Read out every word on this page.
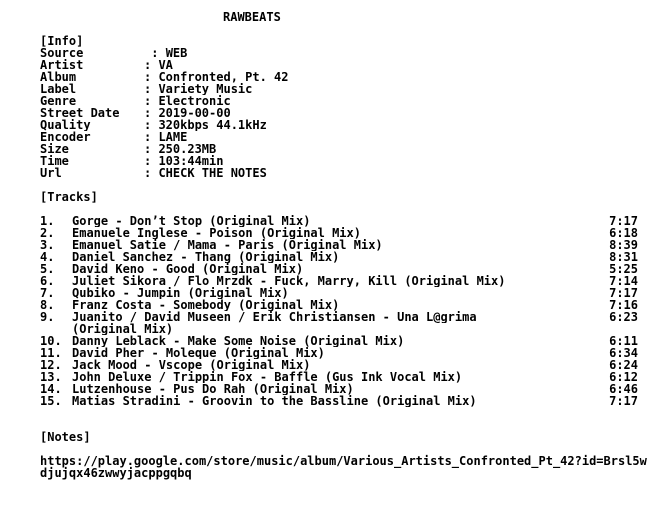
RAWBEATS
[Info]
Source	: WEB
Artist	: VA
Album	: Confronted, Pt. 42
Label	: Variety Music
Genre	: Electronic
Street Date : 2019-00-00
Quality	: 320kbps 44.1kHz
Encoder	: LAME
Size	: 250.23MB
Time	: 103:44min
Url	: CHECK THE NOTES
[Tracks]
1. Gorge - Don’t Stop (Original Mix)	7:17
2. Emanuele Inglese - Poison (Original Mix)	6:18
3. Emanuel Satie / Mama - Paris (Original Mix)	8:39
4. Daniel Sanchez - Thang (Original Mix)	8:31
5. David Keno - Good (Original Mix)	5:25
6. Juliet Sikora / Flo Mrzdk - Fuck, Marry, Kill (Original Mix)	7:14
7. Qubiko - Jumpin (Original Mix)	7:17
8. Franz Costa - Somebody (Original Mix)	7:16
9. Juanito / David Museen / Erik Christiansen - Una L@grima	6:23
(Original Mix)
10. Danny Leblack - Make Some Noise (Original Mix)	6:11
11. David Pher - Moleque (Original Mix)	6:34
12. Jack Mood - Vscope (Original Mix)	6:24
13. John Deluxe / Trippin Fox - Baffle (Gus Ink Vocal Mix)	6:12
14. Lutzenhouse - Pus Do Rah (Original Mix)	6:46
15. Matias Stradini - Groovin to the Bassline (Original Mix)	7:17
[Notes]
https://play.google.com/store/music/album/Various_Artists_Confronted_Pt_42?id=Brsl5wdjujqx46zwwyjacppgqbq
